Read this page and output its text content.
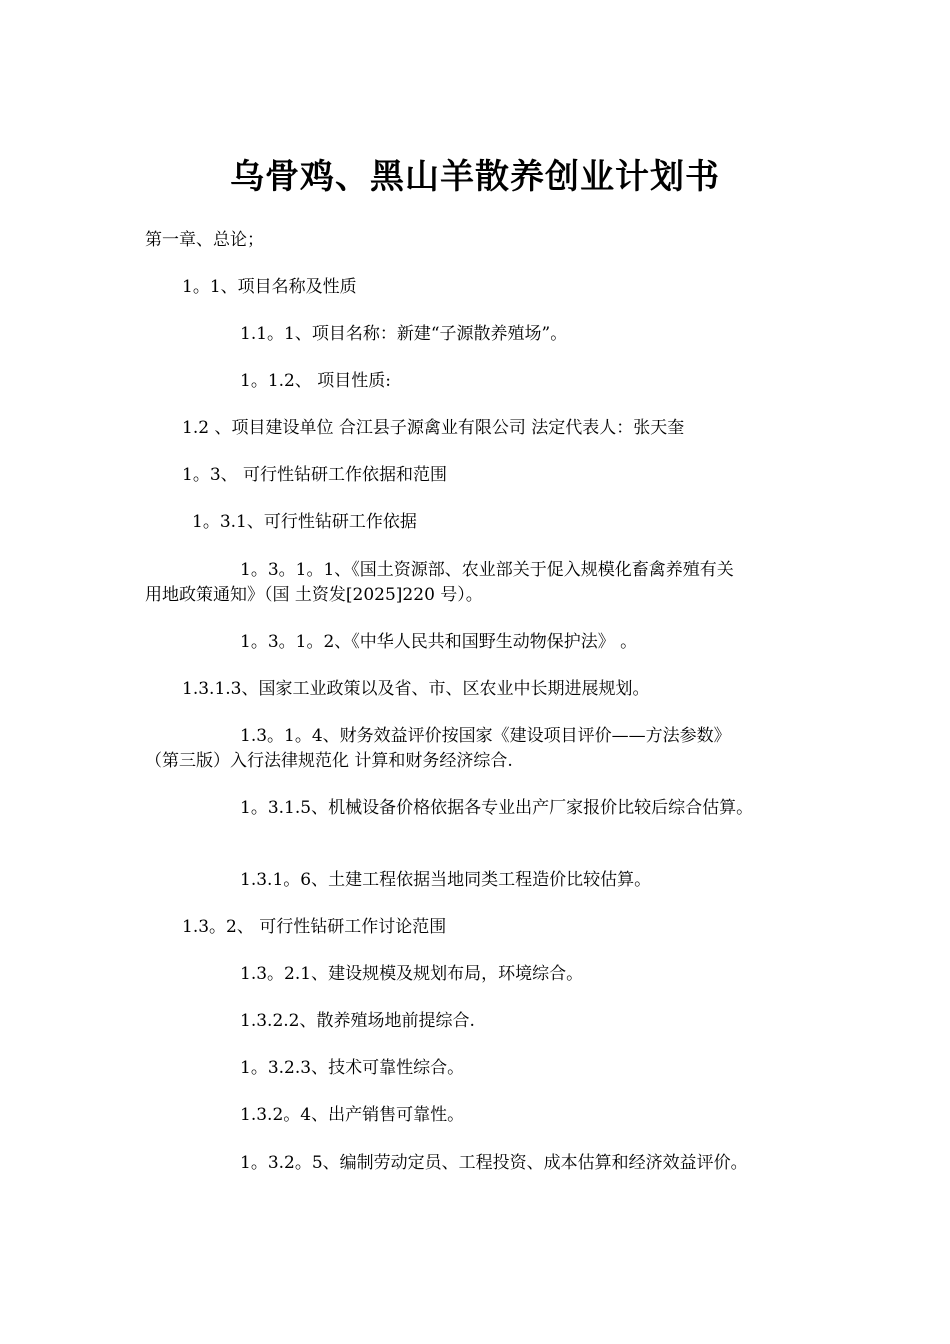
乌骨鸡、黑山羊散养创业计划书

第一章、总论；

1。1、项目名称及性质

1.1。1、项目名称：新建“子源散养殖场”。

1。1.2、 项目性质:

1.2 、项目建设单位 合江县子源禽业有限公司 法定代表人：张天奎

1。3、 可行性钻研工作依据和范围

1。3.1、可行性钻研工作依据

1。3。1。1、《国土资源部、农业部关于促入规模化畜禽养殖有关
用地政策通知》（国 土资发[2025]220 号）。

1。3。1。2、《中华人民共和国野生动物保护法》 。

1.3.1.3、国家工业政策以及省、市、区农业中长期进展规划。

1.3。1。4、财务效益评价按国家《建设项目评价——方法参数》
（第三版）入行法律规范化 计算和财务经济综合.

1。3.1.5、机械设备价格依据各专业出产厂家报价比较后综合估算。

1.3.1。6、土建工程依据当地同类工程造价比较估算。

1.3。2、 可行性钻研工作讨论范围

1.3。2.1、建设规模及规划布局，环境综合。

1.3.2.2、散养殖场地前提综合.

1。3.2.3、技术可靠性综合。

1.3.2。4、出产销售可靠性。

1。3.2。5、编制劳动定员、工程投资、成本估算和经济效益评价。
